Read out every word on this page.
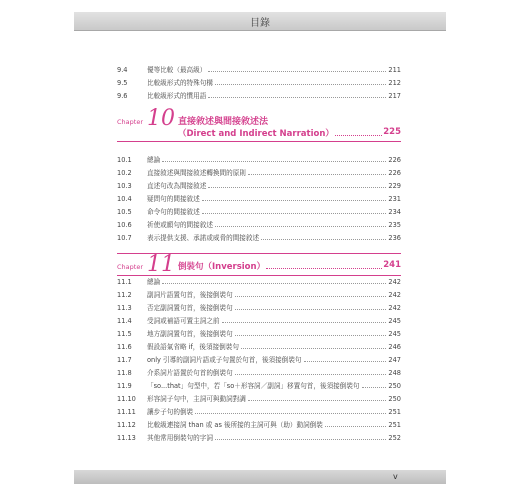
目錄
9.4	優等比較（最高級）	211
9.5	比較級形式的特殊句構	212
9.6	比較級形式的慣用語	217
Chapter 10 直接敘述與間接敘述法
（Direct and Indirect Narration）	225
10.1	總論	226
10.2	直接敘述與間接敘述轉換間的原則	226
10.3	直述句改為間接敘述	229
10.4	疑問句的間接敘述	231
10.5	命令句的間接敘述	234
10.6	祈使或願句的間接敘述	235
10.7	表示提供支援、承諾或威脅的間接敘述	236
Chapter 11 倒裝句（Inversion）	241
11.1	總論	242
11.2	副詞片語置句首，後接倒裝句	242
11.3	否定副詞置句首，後接倒裝句	242
11.4	受詞或補語可置主詞之前	245
11.5	地方副詞置句首，後接倒裝句	245
11.6	假設語氣省略 if，後須接倒裝句	246
11.7	only 引導的副詞片語或子句置於句首，後須接倒裝句	247
11.8	介系詞片語置於句首的倒裝句	248
11.9	「so...that」句型中，若「so＋形容詞／副詞」移置句首，後須接倒裝句	250
11.10	形容詞子句中，主詞可與動詞對調	250
11.11	讓步子句的倒裝	251
11.12	比較級連接詞 than 或 as 後所接的主詞可與（助）動詞倒裝	251
11.13	其他常用倒裝句的字詞	252
v
